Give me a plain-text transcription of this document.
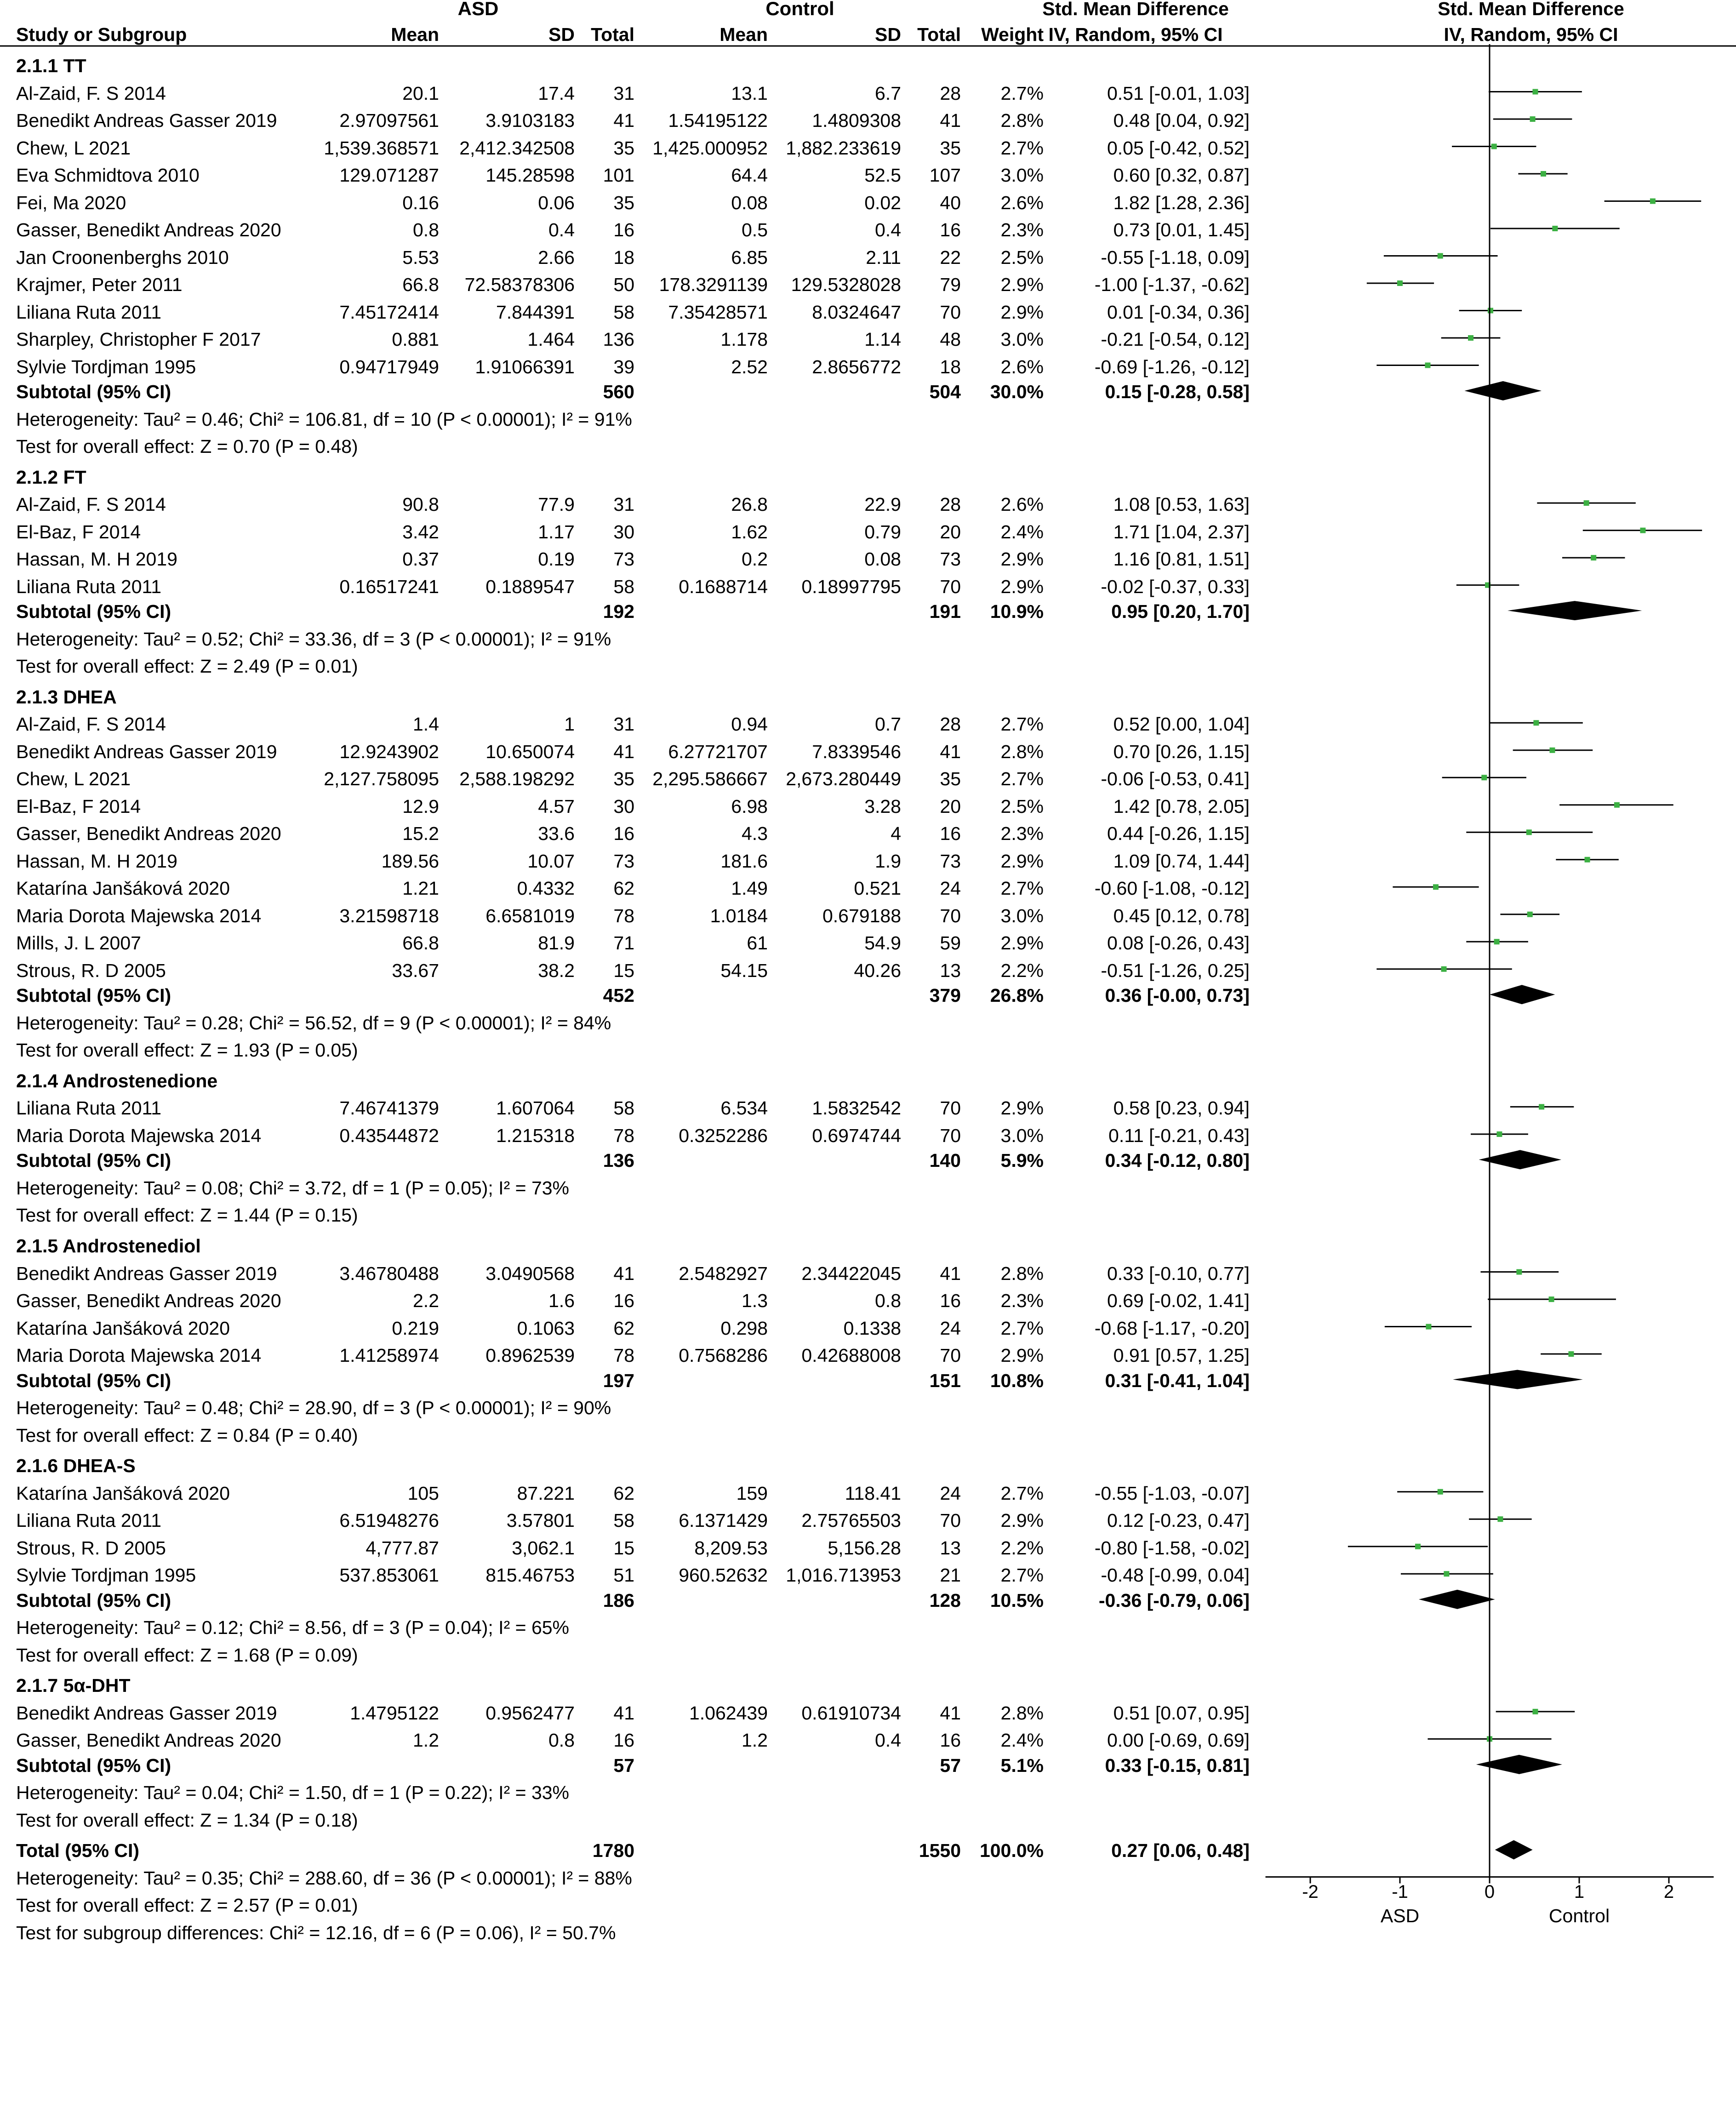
ASD	Control	Std. Mean Difference	Std. Mean Difference
Study or Subgroup	Mean	SD Total	Mean	SD Total	Weight IV, Random, 95% CI	IV, Random, 95% CI
2.1.1 TT
Al-Zaid, F. S 2014	20.1	17.4	31	13.1	6.7	28	2.7%	0.51 [-0.01, 1.03]
Benedikt Andreas Gasser 2019	2.97097561	3.9103183	41	1.54195122	1.4809308	41	2.8%	0.48 [0.04, 0.92]
Chew, L 2021	1,539.368571	2,412.342508	35 1,425.000952 1,882.233619	35	2.7%	0.05 [-0.42, 0.52]
Eva Schmidtova 2010	129.071287	145.28598	101	64.4	52.5	107	3.0%	0.60 [0.32, 0.87]
Fei, Ma 2020	0.16	0.06	35	0.08	0.02	40	2.6%	1.82 [1.28, 2.36]
Gasser, Benedikt Andreas 2020	0.8	0.4	16	0.5	0.4	16	2.3%	0.73 [0.01, 1.45]
Jan Croonenberghs 2010	5.53	2.66	18	6.85	2.11	22	2.5%	-0.55 [-1.18, 0.09]
Krajmer, Peter 2011	66.8	72.58378306	50	178.3291139	129.5328028	79	2.9%	-1.00 [-1.37, -0.62]
Liliana Ruta 2011	7.45172414	7.844391	58	7.35428571	8.0324647	70	2.9%	0.01 [-0.34, 0.36]
Sharpley, Christopher F 2017	0.881	1.464	136	1.178	1.14	48	3.0%	-0.21 [-0.54, 0.12]
Sylvie Tordjman 1995	0.94717949	1.91066391	39	2.52	2.8656772	18	2.6%	-0.69 [-1.26, -0.12]
Subtotal (95% CI)	560	504	30.0%	0.15 [-0.28, 0.58]
Heterogeneity: Tau² = 0.46; Chi² = 106.81, df = 10 (P < 0.00001); I² = 91%
Test for overall effect: Z = 0.70 (P = 0.48)
2.1.2 FT
Al-Zaid, F. S 2014	90.8	77.9	31	26.8	22.9	28	2.6%	1.08 [0.53, 1.63]
El-Baz, F 2014	3.42	1.17	30	1.62	0.79	20	2.4%	1.71 [1.04, 2.37]
Hassan, M. H 2019	0.37	0.19	73	0.2	0.08	73	2.9%	1.16 [0.81, 1.51]
Liliana Ruta 2011	0.16517241	0.1889547	58	0.1688714	0.18997795	70	2.9%	-0.02 [-0.37, 0.33]
Subtotal (95% CI)	192	191	10.9%	0.95 [0.20, 1.70]
Heterogeneity: Tau² = 0.52; Chi² = 33.36, df = 3 (P < 0.00001); I² = 91%
Test for overall effect: Z = 2.49 (P = 0.01)
2.1.3 DHEA
Al-Zaid, F. S 2014	1.4	1	31	0.94	0.7	28	2.7%	0.52 [0.00, 1.04]
Benedikt Andreas Gasser 2019	12.9243902	10.650074	41	6.27721707	7.8339546	41	2.8%	0.70 [0.26, 1.15]
Chew, L 2021	2,127.758095	2,588.198292	35 2,295.586667 2,673.280449	35	2.7%	-0.06 [-0.53, 0.41]
El-Baz, F 2014	12.9	4.57	30	6.98	3.28	20	2.5%	1.42 [0.78, 2.05]
Gasser, Benedikt Andreas 2020	15.2	33.6	16	4.3	4	16	2.3%	0.44 [-0.26, 1.15]
Hassan, M. H 2019	189.56	10.07	73	181.6	1.9	73	2.9%	1.09 [0.74, 1.44]
Katarína Janšáková 2020	1.21	0.4332	62	1.49	0.521	24	2.7%	-0.60 [-1.08, -0.12]
Maria Dorota Majewska 2014	3.21598718	6.6581019	78	1.0184	0.679188	70	3.0%	0.45 [0.12, 0.78]
Mills, J. L 2007	66.8	81.9	71	61	54.9	59	2.9%	0.08 [-0.26, 0.43]
Strous, R. D 2005	33.67	38.2	15	54.15	40.26	13	2.2%	-0.51 [-1.26, 0.25]
Subtotal (95% CI)	452	379	26.8%	0.36 [-0.00, 0.73]
Heterogeneity: Tau² = 0.28; Chi² = 56.52, df = 9 (P < 0.00001); I² = 84%
Test for overall effect: Z = 1.93 (P = 0.05)
2.1.4 Androstenedione
Liliana Ruta 2011	7.46741379	1.607064	58	6.534	1.5832542	70	2.9%	0.58 [0.23, 0.94]
Maria Dorota Majewska 2014	0.43544872	1.215318	78	0.3252286	0.6974744	70	3.0%	0.11 [-0.21, 0.43]
Subtotal (95% CI)	136	140	5.9%	0.34 [-0.12, 0.80]
Heterogeneity: Tau² = 0.08; Chi² = 3.72, df = 1 (P = 0.05); I² = 73%
Test for overall effect: Z = 1.44 (P = 0.15)
2.1.5 Androstenediol
Benedikt Andreas Gasser 2019	3.46780488	3.0490568	41	2.5482927	2.34422045	41	2.8%	0.33 [-0.10, 0.77]
Gasser, Benedikt Andreas 2020	2.2	1.6	16	1.3	0.8	16	2.3%	0.69 [-0.02, 1.41]
Katarína Janšáková 2020	0.219	0.1063	62	0.298	0.1338	24	2.7%	-0.68 [-1.17, -0.20]
Maria Dorota Majewska 2014	1.41258974	0.8962539	78	0.7568286	0.42688008	70	2.9%	0.91 [0.57, 1.25]
Subtotal (95% CI)	197	151	10.8%	0.31 [-0.41, 1.04]
Heterogeneity: Tau² = 0.48; Chi² = 28.90, df = 3 (P < 0.00001); I² = 90%
Test for overall effect: Z = 0.84 (P = 0.40)
2.1.6 DHEA-S
Katarína Janšáková 2020	105	87.221	62	159	118.41	24	2.7%	-0.55 [-1.03, -0.07]
Liliana Ruta 2011	6.51948276	3.57801	58	6.1371429	2.75765503	70	2.9%	0.12 [-0.23, 0.47]
Strous, R. D 2005	4,777.87	3,062.1	15	8,209.53	5,156.28	13	2.2%	-0.80 [-1.58, -0.02]
Sylvie Tordjman 1995	537.853061	815.46753	51	960.52632 1,016.713953	21	2.7%	-0.48 [-0.99, 0.04]
Subtotal (95% CI)	186	128	10.5%	-0.36 [-0.79, 0.06]
Heterogeneity: Tau² = 0.12; Chi² = 8.56, df = 3 (P = 0.04); I² = 65%
Test for overall effect: Z = 1.68 (P = 0.09)
2.1.7 5α-DHT
Benedikt Andreas Gasser 2019	1.4795122	0.9562477	41	1.062439	0.61910734	41	2.8%	0.51 [0.07, 0.95]
Gasser, Benedikt Andreas 2020	1.2	0.8	16	1.2	0.4	16	2.4%	0.00 [-0.69, 0.69]
Subtotal (95% CI)	57	57	5.1%	0.33 [-0.15, 0.81]
Heterogeneity: Tau² = 0.04; Chi² = 1.50, df = 1 (P = 0.22); I² = 33%
Test for overall effect: Z = 1.34 (P = 0.18)
Total (95% CI)	1780	1550 100.0%	0.27 [0.06, 0.48]
Heterogeneity: Tau² = 0.35; Chi² = 288.60, df = 36 (P < 0.00001); I² = 88%
Test for overall effect: Z = 2.57 (P = 0.01)
Test for subgroup differences: Chi² = 12.16, df = 6 (P = 0.06), I² = 50.7%
-2	-1	0	1	2
ASD	Control
